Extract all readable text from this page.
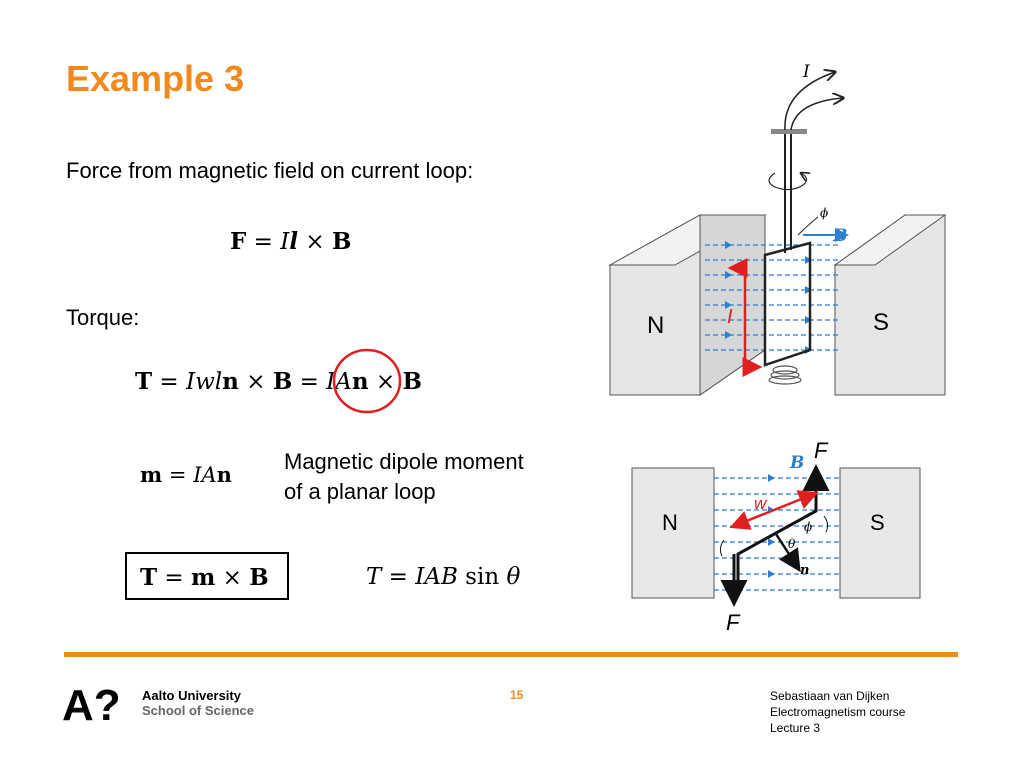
Example 3
Force from magnetic field on current loop:
F = Il × B
Torque:
T = Iwln × B = IAn × B
m = IAn
Magnetic dipole moment
of a planar loop
T = m × B	T = IAB sin θ
B
I
ϕ
I
N	S
B
n
w
ϕ
θ
N	S
F
F
A? Aalto University
School of Science
15	Sebastiaan van Dijken
Electromagnetism course
Lecture 3
